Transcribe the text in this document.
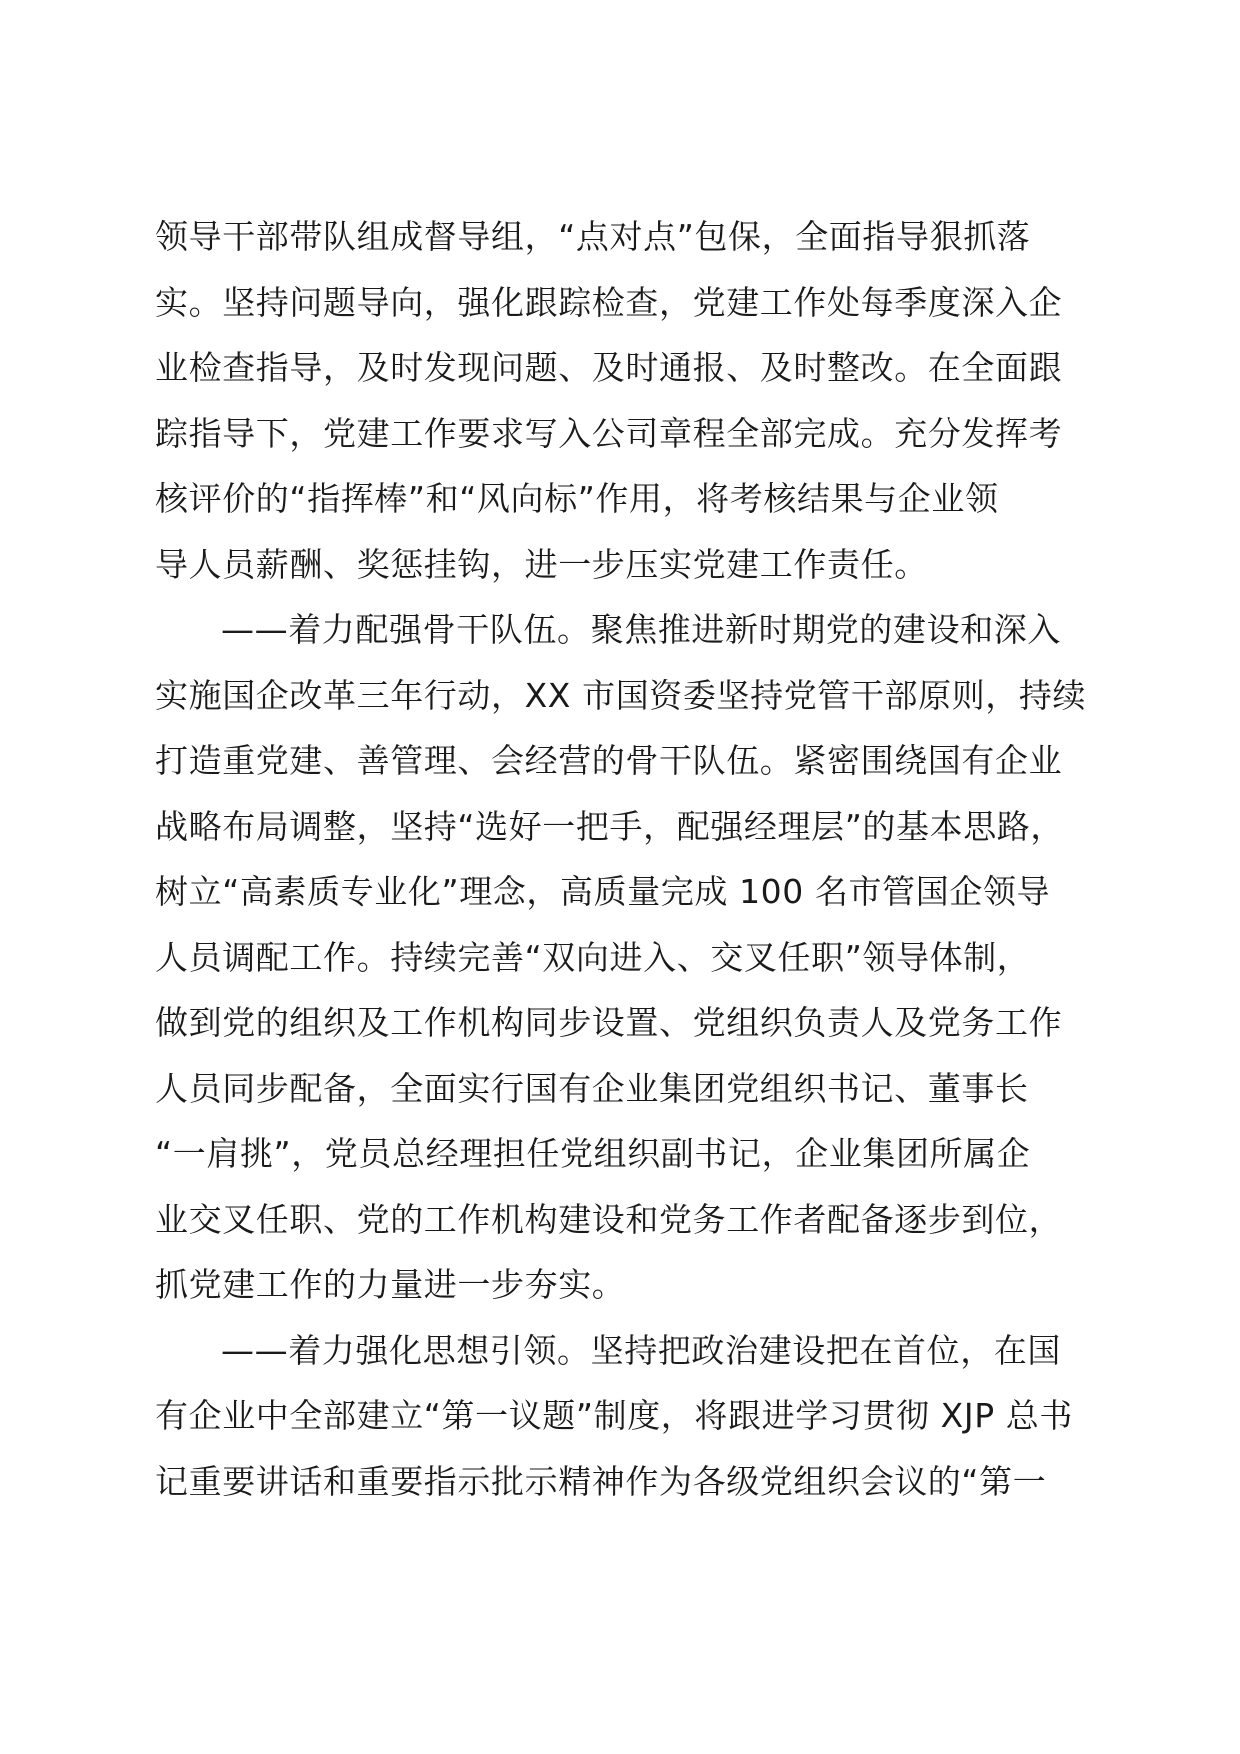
领导干部带队组成督导组，“点对点”包保，全面指导狠抓落
实。坚持问题导向，强化跟踪检查，党建工作处每季度深入企
业检查指导，及时发现问题、及时通报、及时整改。在全面跟
踪指导下，党建工作要求写入公司章程全部完成。充分发挥考
核评价的“指挥棒”和“风向标”作用，将考核结果与企业领
导人员薪酬、奖惩挂钩，进一步压实党建工作责任。
——着力配强骨干队伍。聚焦推进新时期党的建设和深入
实施国企改革三年行动，XX 市国资委坚持党管干部原则，持续
打造重党建、善管理、会经营的骨干队伍。紧密围绕国有企业
战略布局调整，坚持“选好一把手，配强经理层”的基本思路，
树立“高素质专业化”理念，高质量完成 100 名市管国企领导
人员调配工作。持续完善“双向进入、交叉任职”领导体制，
做到党的组织及工作机构同步设置、党组织负责人及党务工作
人员同步配备，全面实行国有企业集团党组织书记、董事长
“一肩挑”，党员总经理担任党组织副书记，企业集团所属企
业交叉任职、党的工作机构建设和党务工作者配备逐步到位，
抓党建工作的力量进一步夯实。
——着力强化思想引领。坚持把政治建设把在首位，在国
有企业中全部建立“第一议题”制度，将跟进学习贯彻 XJP 总书
记重要讲话和重要指示批示精神作为各级党组织会议的“第一
